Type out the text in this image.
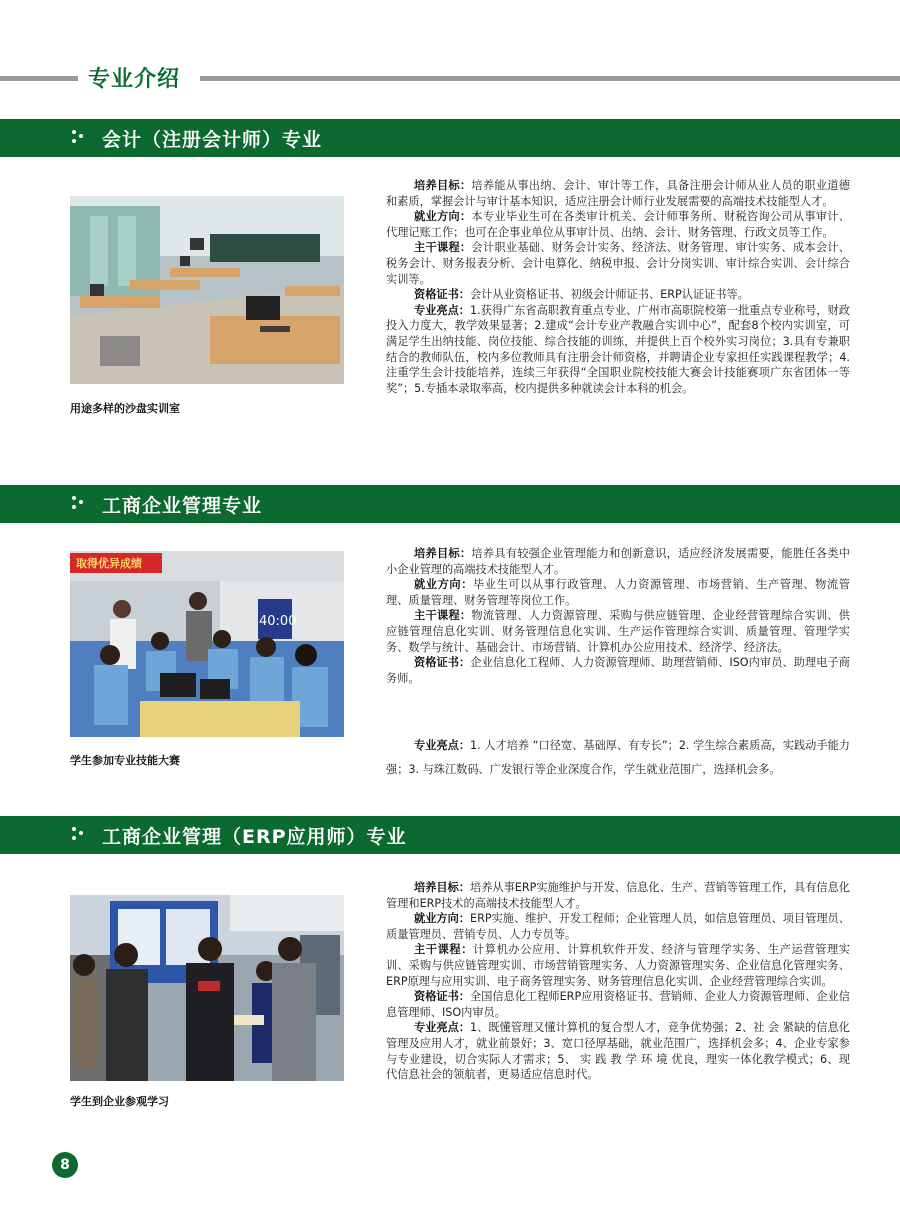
专业介绍
会计（注册会计师）专业
用途多样的沙盘实训室

培养目标：培养能从事出纳、会计、审计等工作，具备注册会计师从业人员的职业道德和素质，掌握会计与审计基本知识，适应注册会计师行业发展需要的高端技术技能型人才。

就业方向：本专业毕业生可在各类审计机关、会计师事务所、财税咨询公司从事审计、代理记账工作；也可在企事业单位从事审计员、出纳、会计、财务管理、行政文员等工作。

主干课程：会计职业基础、财务会计实务、经济法、财务管理、审计实务、成本会计、税务会计、财务报表分析、会计电算化、纳税申报、会计分岗实训、审计综合实训、会计综合实训等。

资格证书：会计从业资格证书、初级会计师证书、ERP认证证书等。

专业亮点：1.获得广东省高职教育重点专业、广州市高职院校第一批重点专业称号，财政投入力度大，教学效果显著；2.建成“会计专业产教融合实训中心”，配套8个校内实训室，可满足学生出纳技能、岗位技能、综合技能的训练，并提供上百个校外实习岗位；3.具有专兼职结合的教师队伍，校内多位教师具有注册会计师资格，并聘请企业专家担任实践课程教学；4.注重学生会计技能培养，连续三年获得“全国职业院校技能大赛会计技能赛项广东省团体一等奖”；5.专插本录取率高，校内提供多种就读会计本科的机会。

工商企业管理专业
取得优异成绩
40:00
学生参加专业技能大赛

培养目标：培养具有较强企业管理能力和创新意识，适应经济发展需要，能胜任各类中小企业管理的高端技术技能型人才。

就业方向：毕业生可以从事行政管理、人力资源管理、市场营销、生产管理、物流管理、质量管理、财务管理等岗位工作。

主干课程：物流管理、人力资源管理、采购与供应链管理、企业经营管理综合实训、供应链管理信息化实训、财务管理信息化实训、生产运作管理综合实训、质量管理、管理学实务、数学与统计、基础会计、市场营销、计算机办公应用技术、经济学、经济法。

资格证书：企业信息化工程师、人力资源管理师、助理营销师、ISO内审员、助理电子商务师。

专业亮点：1. 人才培养 “口径宽、基础厚、有专长”；2. 学生综合素质高，实践动手能力强；3. 与珠江数码、广发银行等企业深度合作，学生就业范围广，选择机会多。

工商企业管理（ERP应用师）专业
学生到企业参观学习

培养目标：培养从事ERP实施维护与开发、信息化、生产、营销等管理工作，具有信息化管理和ERP技术的高端技术技能型人才。

就业方向：ERP实施、维护、开发工程师；企业管理人员，如信息管理员、项目管理员、质量管理员、营销专员、人力专员等。

主干课程：计算机办公应用、计算机软件开发、经济与管理学实务、生产运营管理实训、采购与供应链管理实训、市场营销管理实务、人力资源管理实务、企业信息化管理实务、ERP原理与应用实训、电子商务管理实务、财务管理信息化实训、企业经营管理综合实训。

资格证书：全国信息化工程师ERP应用资格证书、营销师、企业人力资源管理师、企业信息管理师、ISO内审员。

专业亮点：1、既懂管理又懂计算机的复合型人才，竞争优势强；2、社 会 紧缺的信息化管理及应用人才，就业前景好；3、宽口径厚基础，就业范围广，选择机会多；4、企业专家参与专业建设，切合实际人才需求；5、 实 践 教 学 环 境 优良，理实一体化教学模式；6、现代信息社会的领航者，更易适应信息时代。

8
